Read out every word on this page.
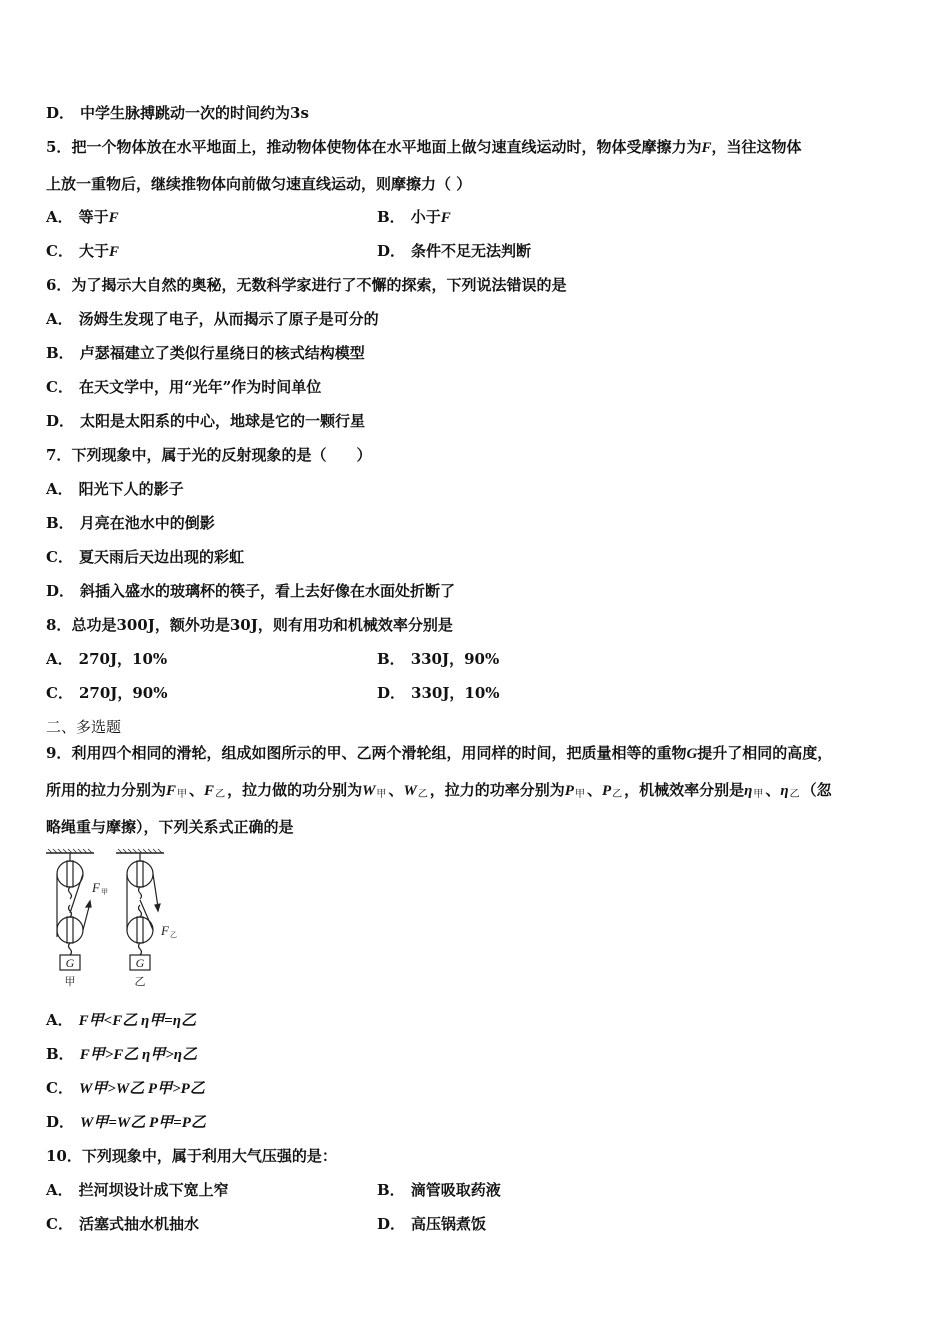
D． 中学生脉搏跳动一次的时间约为3s
5．把一个物体放在水平地面上，推动物体使物体在水平地面上做匀速直线运动时，物体受摩擦力为F，当往这物体
上放一重物后，继续推物体向前做匀速直线运动，则摩擦力（ ）
A． 等于F	B． 小于F
C． 大于F	D． 条件不足无法判断
6．为了揭示大自然的奥秘，无数科学家进行了不懈的探索，下列说法错误的是
A． 汤姆生发现了电子，从而揭示了原子是可分的
B． 卢瑟福建立了类似行星绕日的核式结构模型
C． 在天文学中，用“光年”作为时间单位
D． 太阳是太阳系的中心，地球是它的一颗行星
7．下列现象中，属于光的反射现象的是（　　）
A． 阳光下人的影子
B． 月亮在池水中的倒影
C． 夏天雨后天边出现的彩虹
D． 斜插入盛水的玻璃杯的筷子，看上去好像在水面处折断了
8．总功是300J，额外功是30J，则有用功和机械效率分别是
A． 270J，10%	B． 330J，90%
C． 270J，90%	D． 330J，10%
二、多选题
9．利用四个相同的滑轮，组成如图所示的甲、乙两个滑轮组，用同样的时间，把质量相等的重物G提升了相同的高度，
所用的拉力分别为$F_甲$ 、$F_乙$ ，拉力做的功分别为$W_甲$ 、$W_乙$ ，拉力的功率分别为$P_甲$ 、$P_乙$ ，机械效率分别是$\eta_甲$ 、$\eta_乙$ （忽
略绳重与摩擦），下列关系式正确的是
G	G
F 甲
F 乙
甲	乙
A． F甲<F乙 η甲=η乙
B． F甲>F乙 η甲>η乙
C． W甲>W乙 P甲>P乙
D． W甲=W乙 P甲=P乙
10．下列现象中，属于利用大气压强的是：
A． 拦河坝设计成下宽上窄	B． 滴管吸取药液
C． 活塞式抽水机抽水	D． 高压锅煮饭
